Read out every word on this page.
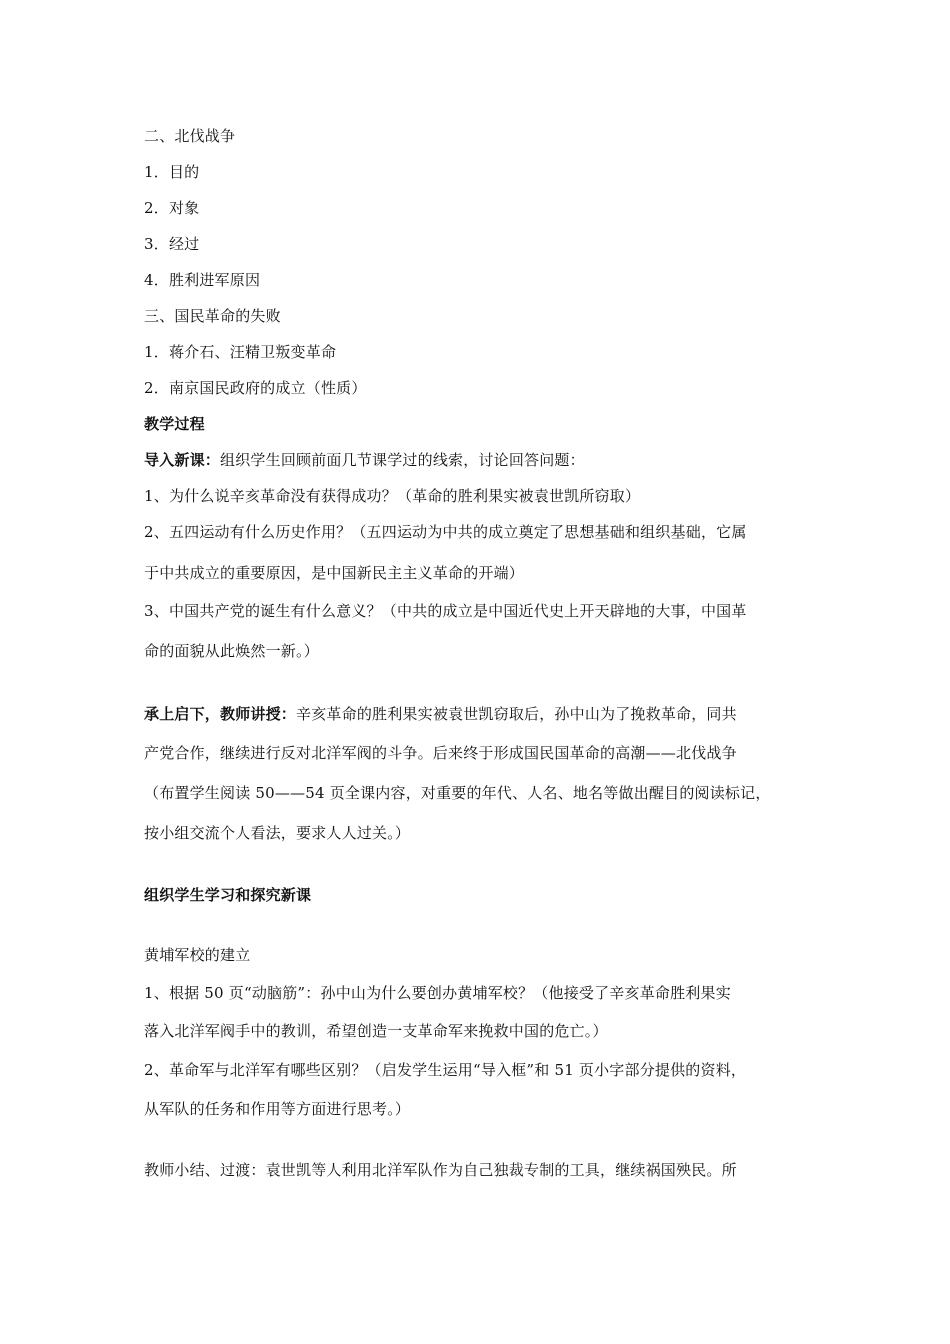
二、北伐战争
1．目的
2．对象
3．经过
4．胜利进军原因
三、国民革命的失败
1．蒋介石、汪精卫叛变革命
2．南京国民政府的成立（性质）
教学过程
导入新课：组织学生回顾前面几节课学过的线索，讨论回答问题：
1、为什么说辛亥革命没有获得成功？（革命的胜利果实被袁世凯所窃取）
2、五四运动有什么历史作用？（五四运动为中共的成立奠定了思想基础和组织基础，它属
于中共成立的重要原因，是中国新民主主义革命的开端）
3、中国共产党的诞生有什么意义？（中共的成立是中国近代史上开天辟地的大事，中国革
命的面貌从此焕然一新。）
承上启下，教师讲授：辛亥革命的胜利果实被袁世凯窃取后，孙中山为了挽救革命，同共
产党合作，继续进行反对北洋军阀的斗争。后来终于形成国民国革命的高潮——北伐战争
（布置学生阅读 50——54 页全课内容，对重要的年代、人名、地名等做出醒目的阅读标记，
按小组交流个人看法，要求人人过关。）
组织学生学习和探究新课
黄埔军校的建立
1、根据 50 页“动脑筋”：孙中山为什么要创办黄埔军校？（他接受了辛亥革命胜利果实
落入北洋军阀手中的教训，希望创造一支革命军来挽救中国的危亡。）
2、革命军与北洋军有哪些区别？（启发学生运用“导入框”和 51 页小字部分提供的资料，
从军队的任务和作用等方面进行思考。）
教师小结、过渡：袁世凯等人利用北洋军队作为自己独裁专制的工具，继续祸国殃民。所
